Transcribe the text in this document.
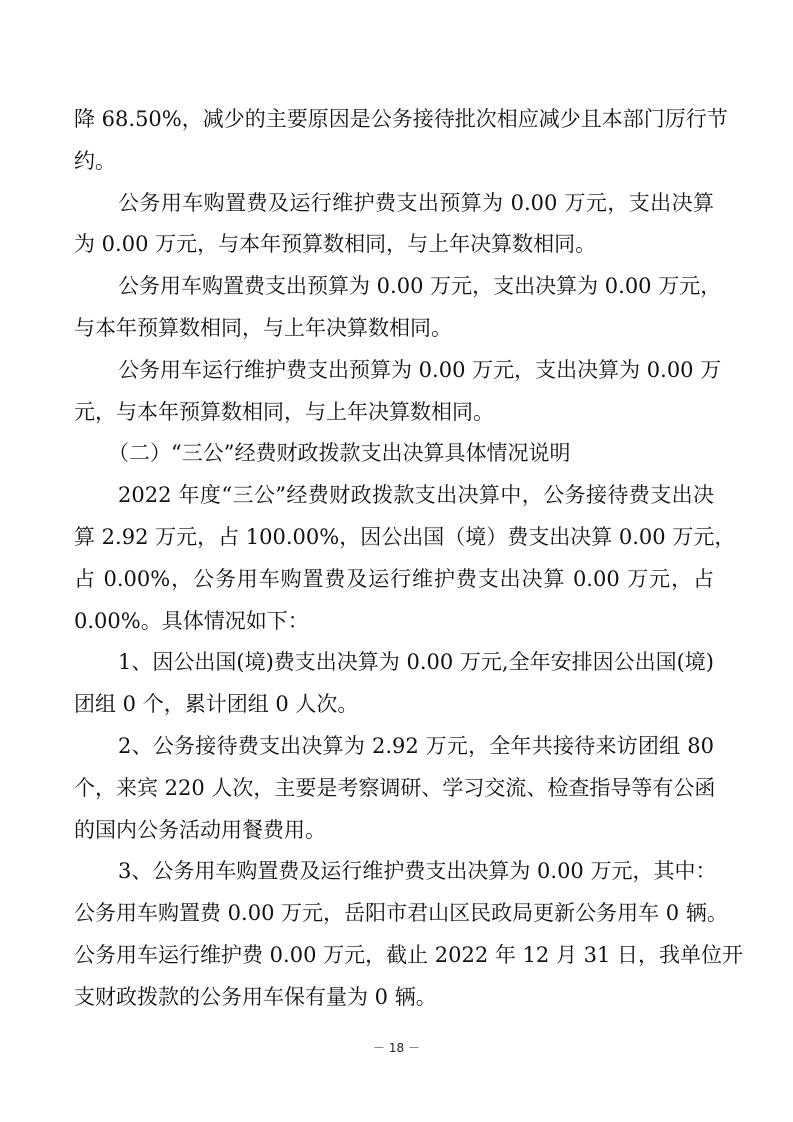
降 68.50%，减少的主要原因是公务接待批次相应减少且本部门厉行节
约。
公务用车购置费及运行维护费支出预算为 0.00 万元，支出决算
为 0.00 万元，与本年预算数相同，与上年决算数相同。
公务用车购置费支出预算为 0.00 万元，支出决算为 0.00 万元，
与本年预算数相同，与上年决算数相同。
公务用车运行维护费支出预算为 0.00 万元，支出决算为 0.00 万
元，与本年预算数相同，与上年决算数相同。
（二）“三公”经费财政拨款支出决算具体情况说明
2022 年度“三公”经费财政拨款支出决算中，公务接待费支出决
算 2.92 万元，占 100.00%，因公出国（境）费支出决算 0.00 万元，
占 0.00%，公务用车购置费及运行维护费支出决算 0.00 万元，占
0.00%。具体情况如下：
1、因公出国(境)费支出决算为 0.00 万元,全年安排因公出国(境)
团组 0 个，累计团组 0 人次。
2、公务接待费支出决算为 2.92 万元，全年共接待来访团组 80
个，来宾 220 人次，主要是考察调研、学习交流、检查指导等有公函
的国内公务活动用餐费用。
3、公务用车购置费及运行维护费支出决算为 0.00 万元，其中：
公务用车购置费 0.00 万元，岳阳市君山区民政局更新公务用车 0 辆。
公务用车运行维护费 0.00 万元，截止 2022 年 12 月 31 日，我单位开
支财政拨款的公务用车保有量为 0 辆。
－ 18 －
